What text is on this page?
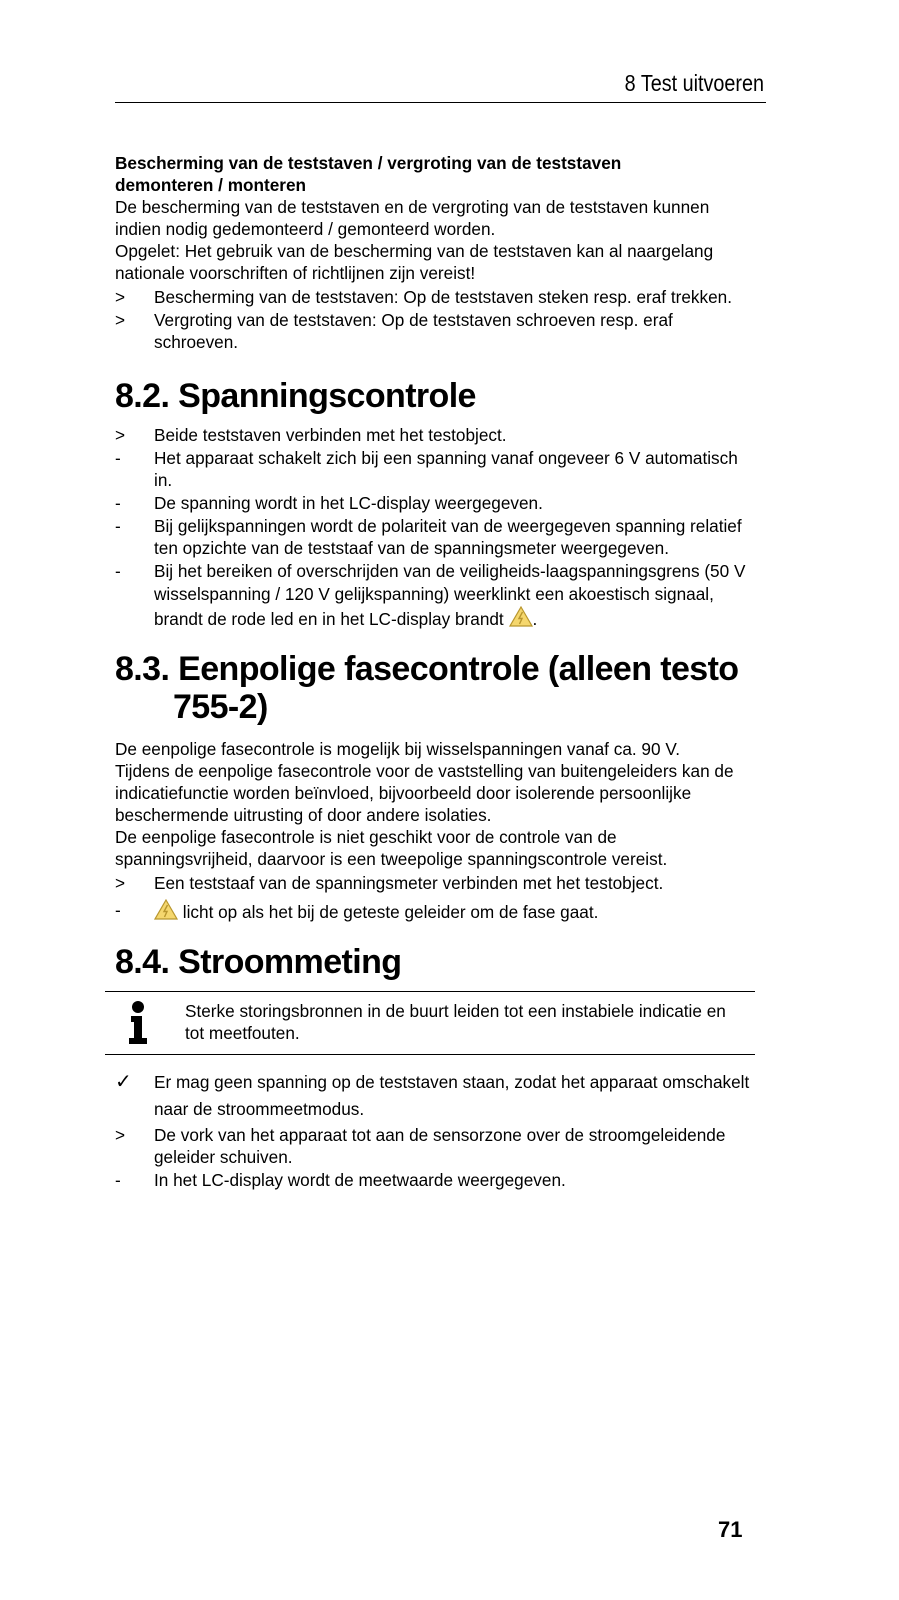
8 Test uitvoeren

Bescherming van de teststaven / vergroting van de teststaven

demonteren / monteren

De bescherming van de teststaven en de vergroting van de teststaven kunnen indien nodig gedemonteerd / gemonteerd worden.

Opgelet: Het gebruik van de bescherming van de teststaven kan al naargelang nationale voorschriften of richtlijnen zijn vereist!

>	Bescherming van de teststaven: Op de teststaven steken resp. eraf trekken.
>	Vergroting van de teststaven: Op de teststaven schroeven resp. eraf schroeven.
8.2. Spanningscontrole
>	Beide teststaven verbinden met het testobject.
-	Het apparaat schakelt zich bij een spanning vanaf ongeveer 6 V automatisch in.
-	De spanning wordt in het LC-display weergegeven.
-	Bij gelijkspanningen wordt de polariteit van de weergegeven spanning relatief ten opzichte van de teststaaf van de spanningsmeter weergegeven.
-	Bij het bereiken of overschrijden van de veiligheids-laagspanningsgrens (50 V wisselspanning / 120 V gelijkspanning) weerklinkt een akoestisch signaal, brandt de rode led en in het LC-display brandt .
8.3. Eenpolige fasecontrole (alleen testo 755-2)

De eenpolige fasecontrole is mogelijk bij wisselspanningen vanaf ca. 90 V.

Tijdens de eenpolige fasecontrole voor de vaststelling van buitengeleiders kan de indicatiefunctie worden beïnvloed, bijvoorbeeld door isolerende persoonlijke beschermende uitrusting of door andere isolaties.

De eenpolige fasecontrole is niet geschikt voor de controle van de spanningsvrijheid, daarvoor is een tweepolige spanningscontrole vereist.

>	Een teststaaf van de spanningsmeter verbinden met het testobject.
-	licht op als het bij de geteste geleider om de fase gaat.
8.4. Stroommeting
Sterke storingsbronnen in de buurt leiden tot een instabiele indicatie en tot meetfouten.
✓	Er mag geen spanning op de teststaven staan, zodat het apparaat omschakelt naar de stroommeetmodus.
>	De vork van het apparaat tot aan de sensorzone over de stroomgeleidende geleider schuiven.
-	In het LC-display wordt de meetwaarde weergegeven.
71
